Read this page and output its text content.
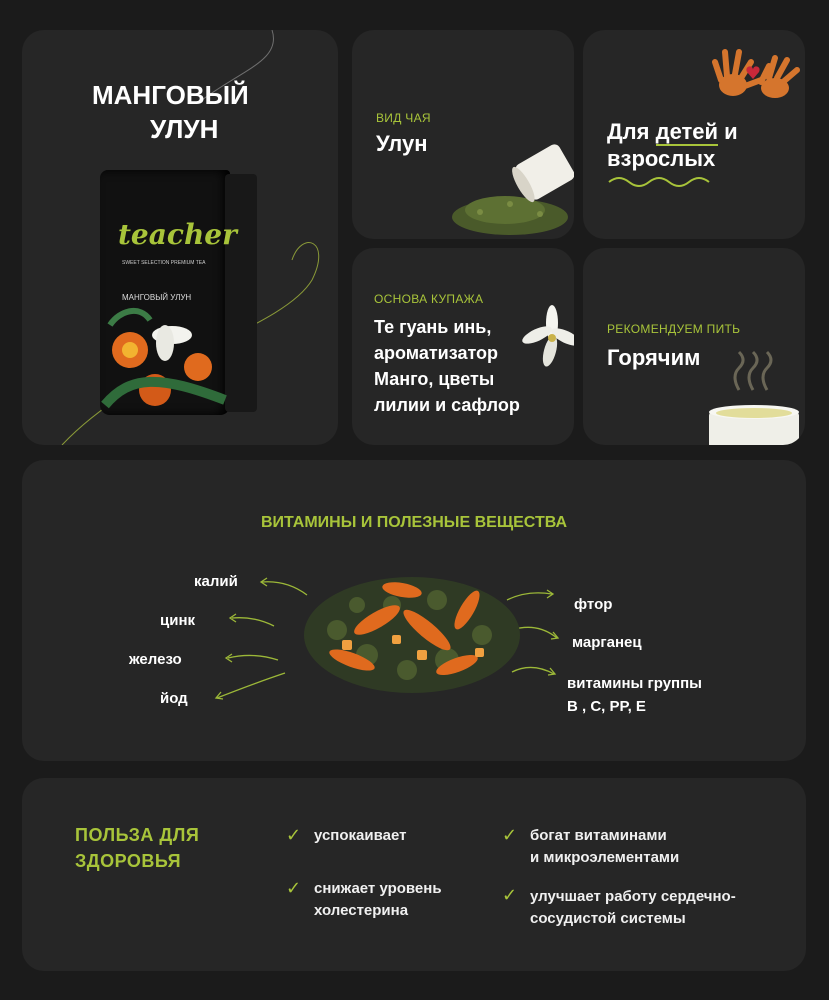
МАНГОВЫЙ
УЛУН
teacher
SWEET SELECTION PREMIUM TEA
МАНГОВЫЙ УЛУН
ВИД ЧАЯ
Улун	Для детей и
взрослых
ОСНОВА КУПАЖА
Те гуань инь,
ароматизатор
Манго, цветы
лилии и сафлор
РЕКОМЕНДУЕМ ПИТЬ
Горячим
ВИТАМИНЫ И ПОЛЕЗНЫЕ ВЕЩЕСТВА
калий
цинк
железо
йод
фтор
марганец
витамины группы
B , C, PP, E
ПОЛЬЗА ДЛЯ
ЗДОРОВЬЯ
✓ успокаивает
✓ снижает уровень
холестерина
✓ богат витаминами
и микроэлементами
✓ улучшает работу сердечно-
сосудистой системы
